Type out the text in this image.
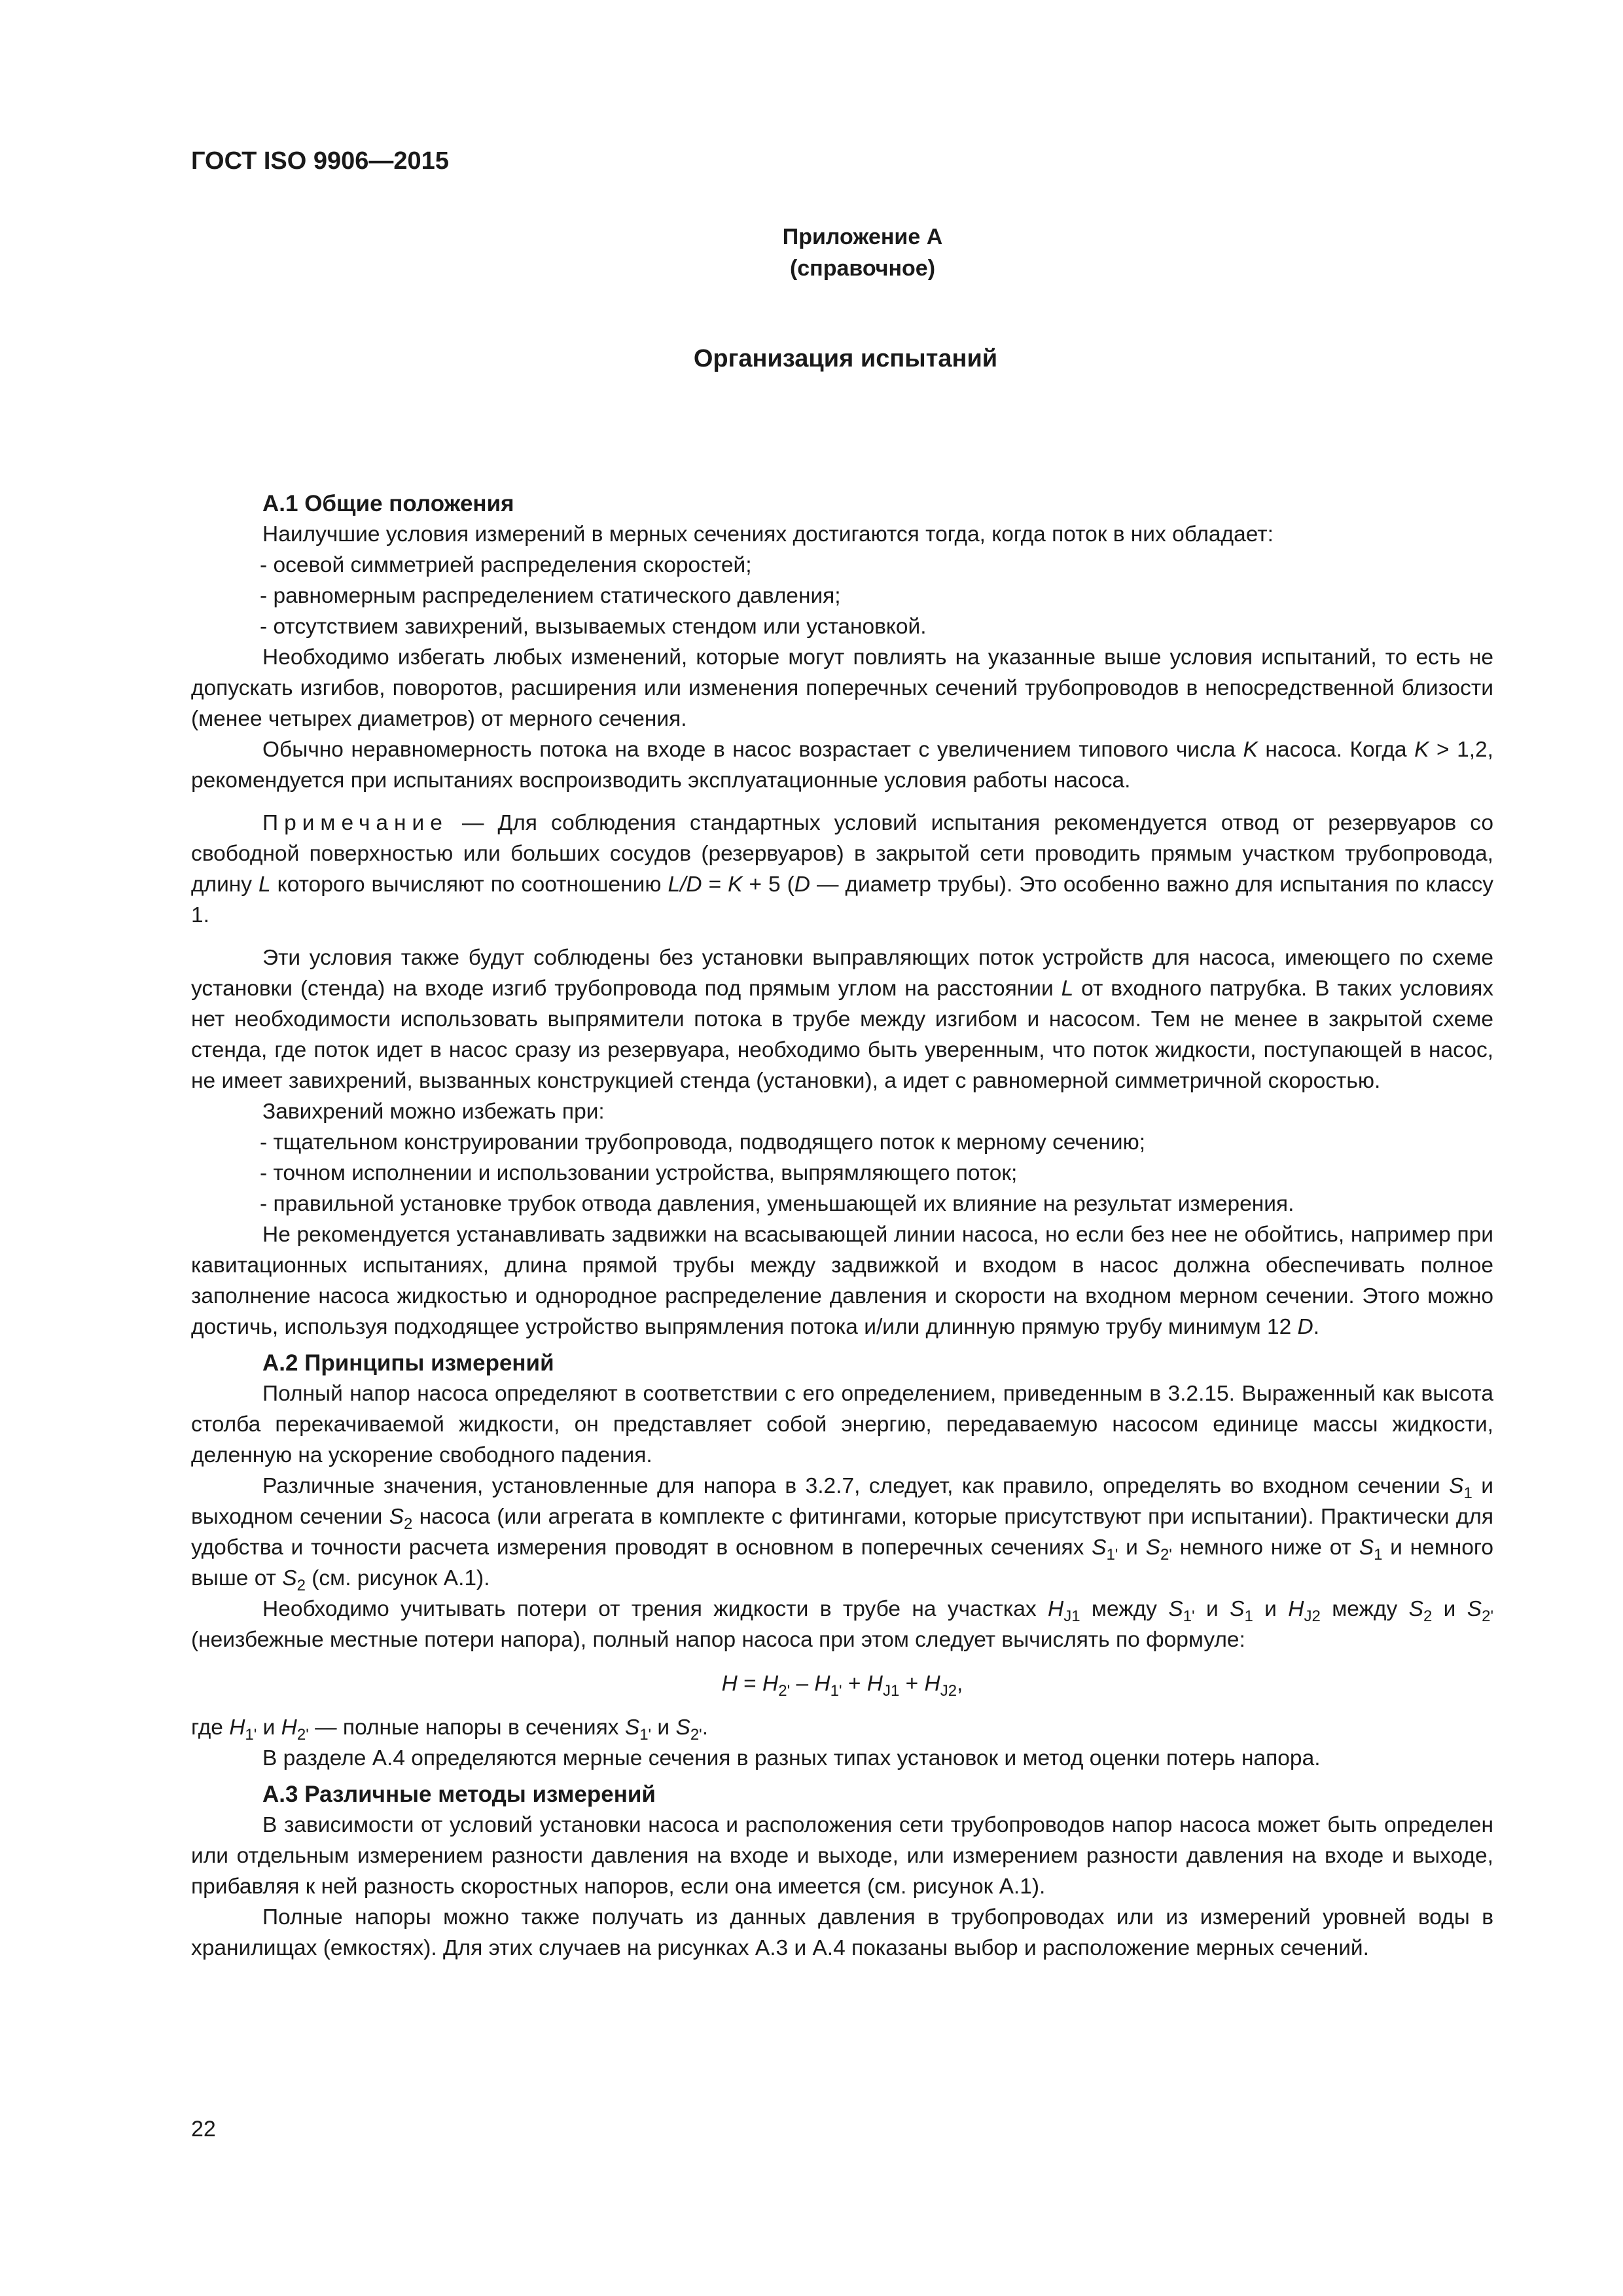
ГОСТ ISO 9906—2015
Приложение А
(справочное)
Организация испытаний

А.1 Общие положения

Наилучшие условия измерений в мерных сечениях достигаются тогда, когда поток в них обладает:

- осевой симметрией распределения скоростей;

- равномерным распределением статического давления;

- отсутствием завихрений, вызываемых стендом или установкой.

Необходимо избегать любых изменений, которые могут повлиять на указанные выше условия испытаний, то есть не допускать изгибов, поворотов, расширения или изменения поперечных сечений трубопроводов в непосредственной близости (менее четырех диаметров) от мерного сечения.

Обычно неравномерность потока на входе в насос возрастает с увеличением типового числа K насоса. Когда K > 1,2, рекомендуется при испытаниях воспроизводить эксплуатационные условия работы насоса.

Примечание — Для соблюдения стандартных условий испытания рекомендуется отвод от резервуаров со свободной поверхностью или больших сосудов (резервуаров) в закрытой сети проводить прямым участком трубопровода, длину L которого вычисляют по соотношению L/D = K + 5 (D — диаметр трубы). Это особенно важно для испытания по классу 1.

Эти условия также будут соблюдены без установки выправляющих поток устройств для насоса, имеющего по схеме установки (стенда) на входе изгиб трубопровода под прямым углом на расстоянии L от входного патрубка. В таких условиях нет необходимости использовать выпрямители потока в трубе между изгибом и насосом. Тем не менее в закрытой схеме стенда, где поток идет в насос сразу из резервуара, необходимо быть уверенным, что поток жидкости, поступающей в насос, не имеет завихрений, вызванных конструкцией стенда (установки), а идет с равномерной симметричной скоростью.

Завихрений можно избежать при:

- тщательном конструировании трубопровода, подводящего поток к мерному сечению;

- точном исполнении и использовании устройства, выпрямляющего поток;

- правильной установке трубок отвода давления, уменьшающей их влияние на результат измерения.

Не рекомендуется устанавливать задвижки на всасывающей линии насоса, но если без нее не обойтись, например при кавитационных испытаниях, длина прямой трубы между задвижкой и входом в насос должна обеспечивать полное заполнение насоса жидкостью и однородное распределение давления и скорости на входном мерном сечении. Этого можно достичь, используя подходящее устройство выпрямления потока и/или длинную прямую трубу минимум 12 D.

А.2 Принципы измерений

Полный напор насоса определяют в соответствии с его определением, приведенным в 3.2.15. Выраженный как высота столба перекачиваемой жидкости, он представляет собой энергию, передаваемую насосом единице массы жидкости, деленную на ускорение свободного падения.

Различные значения, установленные для напора в 3.2.7, следует, как правило, определять во входном сечении $S_1$ и выходном сечении $S_2$ насоса (или агрегата в комплекте с фитингами, которые присутствуют при испытании). Практически для удобства и точности расчета измерения проводят в основном в поперечных сечениях $S_{1'}$ и $S_{2'}$ немного ниже от $S_1$ и немного выше от $S_2$ (см. рисунок А.1).

Необходимо учитывать потери от трения жидкости в трубе на участках $H_{J1}$ между $S_{1'}$ и $S_1$ и $H_{J2}$ между $S_2$ и $S_{2'}$ (неизбежные местные потери напора), полный напор насоса при этом следует вычислять по формуле:

$H = H_{2'} - H_{1'} + H_{J1} + H_{J2}$,

где $H_{1'}$ и $H_{2'}$ — полные напоры в сечениях $S_{1'}$ и $S_{2'}$.

В разделе А.4 определяются мерные сечения в разных типах установок и метод оценки потерь напора.

А.3 Различные методы измерений

В зависимости от условий установки насоса и расположения сети трубопроводов напор насоса может быть определен или отдельным измерением разности давления на входе и выходе, или измерением разности давления на входе и выходе, прибавляя к ней разность скоростных напоров, если она имеется (см. рисунок А.1).

Полные напоры можно также получать из данных давления в трубопроводах или из измерений уровней воды в хранилищах (емкостях). Для этих случаев на рисунках А.3 и А.4 показаны выбор и расположение мерных сечений.

22
